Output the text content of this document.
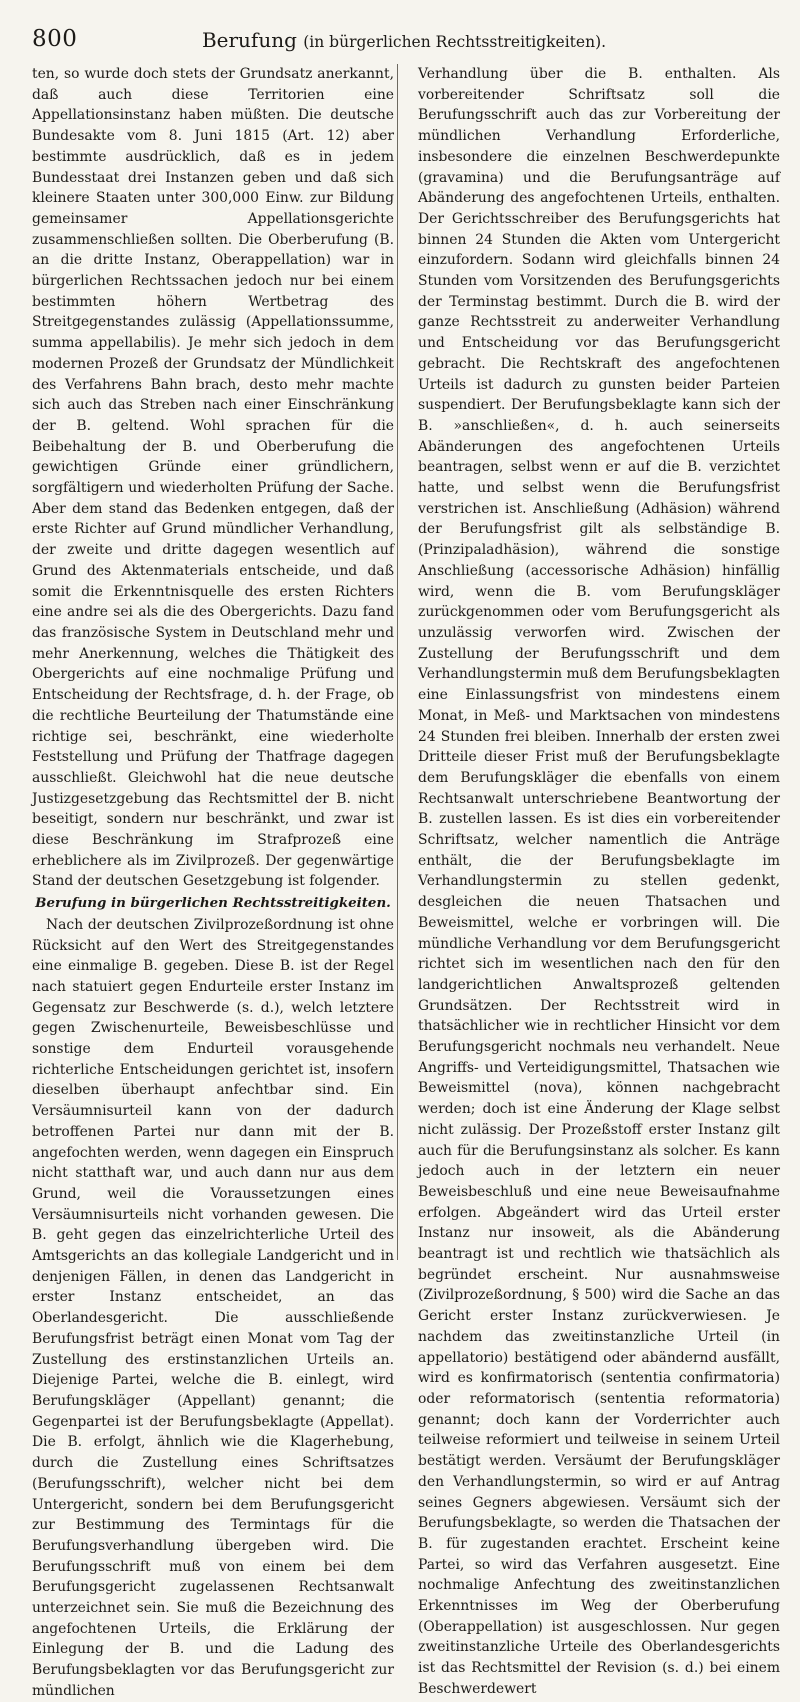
800	Berufung (in bürgerlichen Rechtsstreitigkeiten).

ten, so wurde doch stets der Grundsatz anerkannt, daß auch diese Territorien eine Appellationsinstanz haben müßten. Die deutsche Bundesakte vom 8. Juni 1815 (Art. 12) aber bestimmte ausdrücklich, daß es in jedem Bundesstaat drei Instanzen geben und daß sich kleinere Staaten unter 300,000 Einw. zur Bildung gemeinsamer Appellationsgerichte zusammenschließen sollten. Die Oberberufung (B. an die dritte Instanz, Oberappellation) war in bürgerlichen Rechtssachen jedoch nur bei einem bestimmten höhern Wertbetrag des Streitgegenstandes zulässig (Appellationssumme, summa appellabilis). Je mehr sich jedoch in dem modernen Prozeß der Grundsatz der Mündlichkeit des Verfahrens Bahn brach, desto mehr machte sich auch das Streben nach einer Einschränkung der B. geltend. Wohl sprachen für die Beibehaltung der B. und Oberberufung die gewichtigen Gründe einer gründlichern, sorgfältigern und wiederholten Prüfung der Sache. Aber dem stand das Bedenken entgegen, daß der erste Richter auf Grund mündlicher Verhandlung, der zweite und dritte dagegen wesentlich auf Grund des Aktenmaterials entscheide, und daß somit die Erkenntnisquelle des ersten Richters eine andre sei als die des Obergerichts. Dazu fand das französische System in Deutschland mehr und mehr Anerkennung, welches die Thätigkeit des Obergerichts auf eine nochmalige Prüfung und Entscheidung der Rechtsfrage, d. h. der Frage, ob die rechtliche Beurteilung der Thatumstände eine richtige sei, beschränkt, eine wiederholte Feststellung und Prüfung der Thatfrage dagegen ausschließt. Gleichwohl hat die neue deutsche Justizgesetzgebung das Rechtsmittel der B. nicht beseitigt, sondern nur beschränkt, und zwar ist diese Beschränkung im Strafprozeß eine erheblichere als im Zivilprozeß. Der gegenwärtige Stand der deutschen Gesetzgebung ist folgender.

Berufung in bürgerlichen Rechtsstreitigkeiten.

Nach der deutschen Zivilprozeßordnung ist ohne Rücksicht auf den Wert des Streitgegenstandes eine einmalige B. gegeben. Diese B. ist der Regel nach statuiert gegen Endurteile erster Instanz im Gegensatz zur Beschwerde (s. d.), welch letztere gegen Zwischenurteile, Beweisbeschlüsse und sonstige dem Endurteil vorausgehende richterliche Entscheidungen gerichtet ist, insofern dieselben überhaupt anfechtbar sind. Ein Versäumnisurteil kann von der dadurch betroffenen Partei nur dann mit der B. angefochten werden, wenn dagegen ein Einspruch nicht statthaft war, und auch dann nur aus dem Grund, weil die Voraussetzungen eines Versäumnisurteils nicht vorhanden gewesen. Die B. geht gegen das einzelrichterliche Urteil des Amtsgerichts an das kollegiale Landgericht und in denjenigen Fällen, in denen das Landgericht in erster Instanz entscheidet, an das Oberlandesgericht. Die ausschließende Berufungsfrist beträgt einen Monat vom Tag der Zustellung des erstinstanzlichen Urteils an. Diejenige Partei, welche die B. einlegt, wird Berufungskläger (Appellant) genannt; die Gegenpartei ist der Berufungsbeklagte (Appellat). Die B. erfolgt, ähnlich wie die Klagerhebung, durch die Zustellung eines Schriftsatzes (Berufungsschrift), welcher nicht bei dem Untergericht, sondern bei dem Berufungsgericht zur Bestimmung des Termintags für die Berufungsverhandlung übergeben wird. Die Berufungsschrift muß von einem bei dem Berufungsgericht zugelassenen Rechtsanwalt unterzeichnet sein. Sie muß die Bezeichnung des angefochtenen Urteils, die Erklärung der Einlegung der B. und die Ladung des Berufungsbeklagten vor das Berufungsgericht zur mündlichen

Verhandlung über die B. enthalten. Als vorbereitender Schriftsatz soll die Berufungsschrift auch das zur Vorbereitung der mündlichen Verhandlung Erforderliche, insbesondere die einzelnen Beschwerdepunkte (gravamina) und die Berufungsanträge auf Abänderung des angefochtenen Urteils, enthalten. Der Gerichtsschreiber des Berufungsgerichts hat binnen 24 Stunden die Akten vom Untergericht einzufordern. Sodann wird gleichfalls binnen 24 Stunden vom Vorsitzenden des Berufungsgerichts der Terminstag bestimmt. Durch die B. wird der ganze Rechtsstreit zu anderweiter Verhandlung und Entscheidung vor das Berufungsgericht gebracht. Die Rechtskraft des angefochtenen Urteils ist dadurch zu gunsten beider Parteien suspendiert. Der Berufungsbeklagte kann sich der B. »anschließen«, d. h. auch seinerseits Abänderungen des angefochtenen Urteils beantragen, selbst wenn er auf die B. verzichtet hatte, und selbst wenn die Berufungsfrist verstrichen ist. Anschließung (Adhäsion) während der Berufungsfrist gilt als selbständige B. (Prinzipaladhäsion), während die sonstige Anschließung (accessorische Adhäsion) hinfällig wird, wenn die B. vom Berufungskläger zurückgenommen oder vom Berufungsgericht als unzulässig verworfen wird. Zwischen der Zustellung der Berufungsschrift und dem Verhandlungstermin muß dem Berufungsbeklagten eine Einlassungsfrist von mindestens einem Monat, in Meß- und Marktsachen von mindestens 24 Stunden frei bleiben. Innerhalb der ersten zwei Dritteile dieser Frist muß der Berufungsbeklagte dem Berufungskläger die ebenfalls von einem Rechtsanwalt unterschriebene Beantwortung der B. zustellen lassen. Es ist dies ein vorbereitender Schriftsatz, welcher namentlich die Anträge enthält, die der Berufungsbeklagte im Verhandlungstermin zu stellen gedenkt, desgleichen die neuen Thatsachen und Beweismittel, welche er vorbringen will. Die mündliche Verhandlung vor dem Berufungsgericht richtet sich im wesentlichen nach den für den landgerichtlichen Anwaltsprozeß geltenden Grundsätzen. Der Rechtsstreit wird in thatsächlicher wie in rechtlicher Hinsicht vor dem Berufungsgericht nochmals neu verhandelt. Neue Angriffs- und Verteidigungsmittel, Thatsachen wie Beweismittel (nova), können nachgebracht werden; doch ist eine Änderung der Klage selbst nicht zulässig. Der Prozeßstoff erster Instanz gilt auch für die Berufungsinstanz als solcher. Es kann jedoch auch in der letztern ein neuer Beweisbeschluß und eine neue Beweisaufnahme erfolgen. Abgeändert wird das Urteil erster Instanz nur insoweit, als die Abänderung beantragt ist und rechtlich wie thatsächlich als begründet erscheint. Nur ausnahmsweise (Zivilprozeßordnung, § 500) wird die Sache an das Gericht erster Instanz zurückverwiesen. Je nachdem das zweitinstanzliche Urteil (in appellatorio) bestätigend oder abändernd ausfällt, wird es konfirmatorisch (sententia confirmatoria) oder reformatorisch (sententia reformatoria) genannt; doch kann der Vorderrichter auch teilweise reformiert und teilweise in seinem Urteil bestätigt werden. Versäumt der Berufungskläger den Verhandlungstermin, so wird er auf Antrag seines Gegners abgewiesen. Versäumt sich der Berufungsbeklagte, so werden die Thatsachen der B. für zugestanden erachtet. Erscheint keine Partei, so wird das Verfahren ausgesetzt. Eine nochmalige Anfechtung des zweitinstanzlichen Erkenntnisses im Weg der Oberberufung (Oberappellation) ist ausgeschlossen. Nur gegen zweitinstanzliche Urteile des Oberlandesgerichts ist das Rechtsmittel der Revision (s. d.) bei einem Beschwerdewert
